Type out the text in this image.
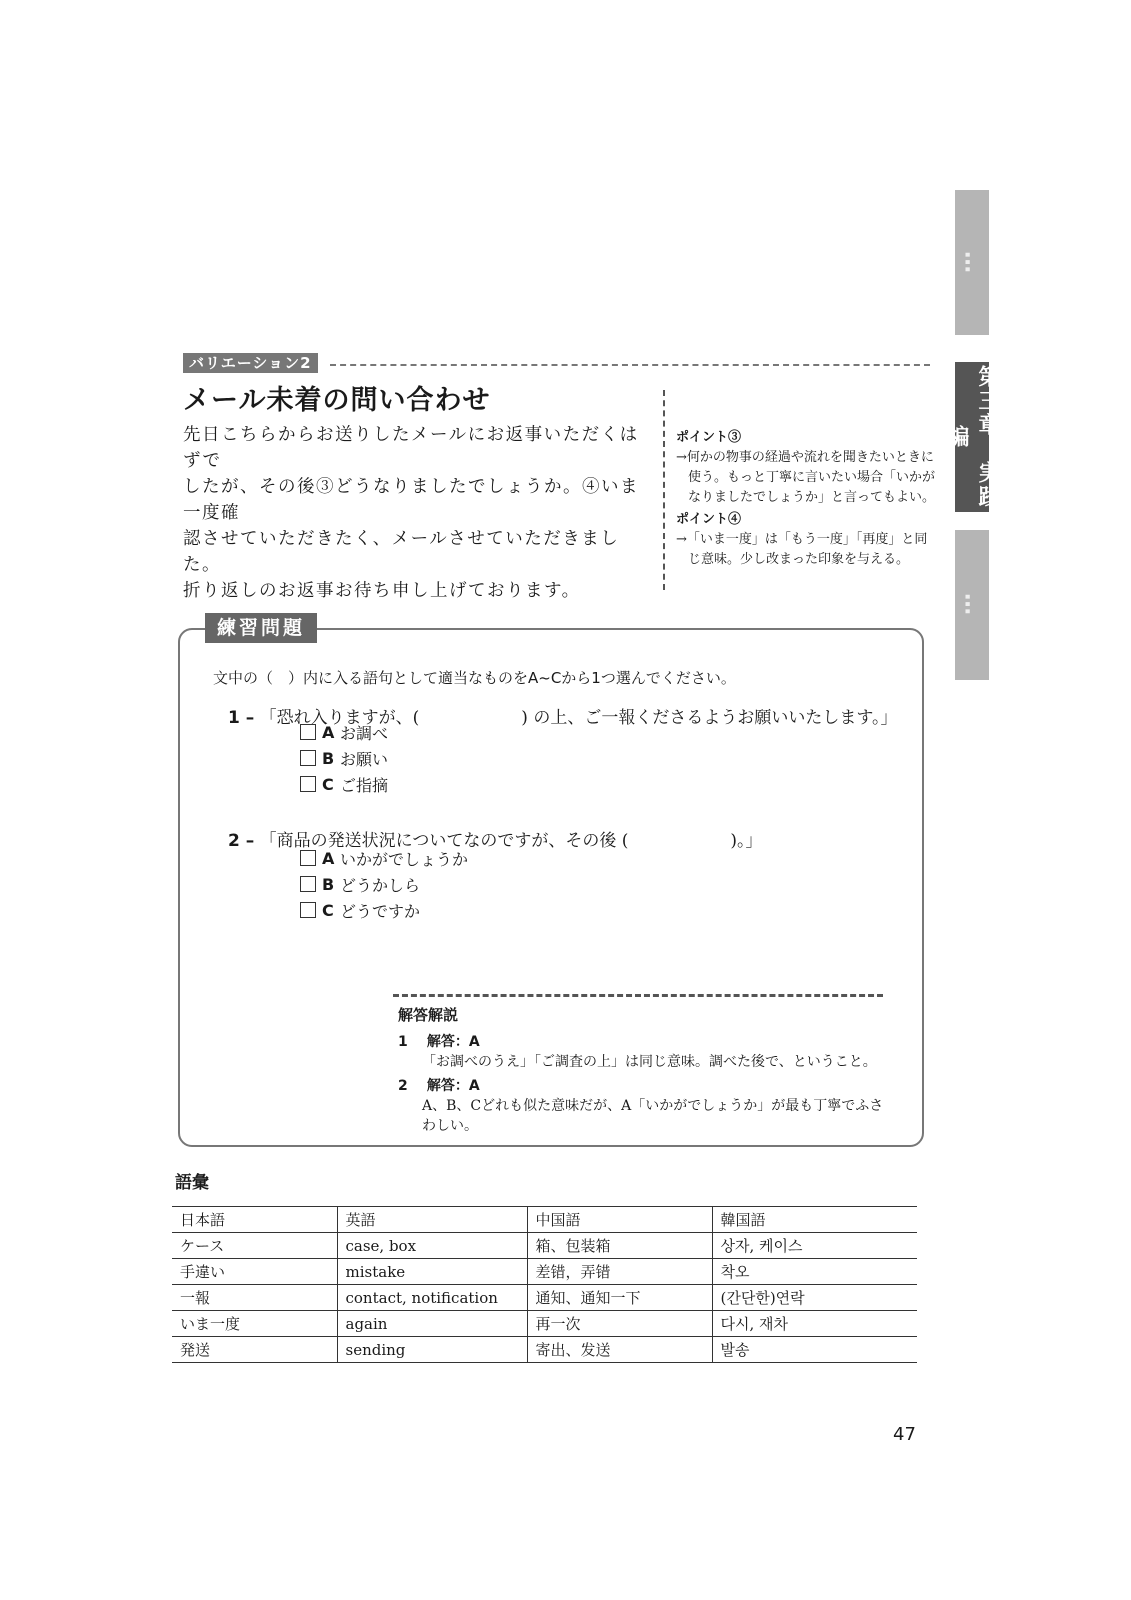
…
第三章　実践編
…
バリエーション2
メール未着の問い合わせ

先日こちらからお送りしたメールにお返事いただくはずで

したが、その後③どうなりましたでしょうか。④いま一度確

認させていただきたく、メールさせていただきました。

折り返しのお返事お待ち申し上げております。

ポイント③
→何かの物事の経過や流れを聞きたいときに使う。もっと丁寧に言いたい場合「いかがなりましたでしょうか」と言ってもよい。
ポイント④
→「いま一度」は「もう一度」「再度」と同じ意味。少し改まった印象を与える。
練習問題
文中の（　）内に入る語句として適当なものをA~Cから1つ選んでください。
1 – 「恐れ入りますが、(　　　　　　) の上、ご一報くださるようお願いいたします。」
A お調べ
B お願い
C ご指摘
2 – 「商品の発送状況についてなのですが、その後 (　　　　　　)。」
A いかがでしょうか
B どうかしら
C どうですか
解答解説
1 解答：A
「お調べのうえ」「ご調査の上」は同じ意味。調べた後で、ということ。
2 解答：A
A、B、Cどれも似た意味だが、A「いかがでしょうか」が最も丁寧でふさわしい。
語彙
日本語	英語	中国語	韓国語
ケース	case, box	箱、包装箱	상자, 케이스
手違い	mistake	差错，弄错	착오
一報	contact, notification	通知、通知一下	(간단한)연락
いま一度	again	再一次	다시, 재차
発送	sending	寄出、发送	발송
47
